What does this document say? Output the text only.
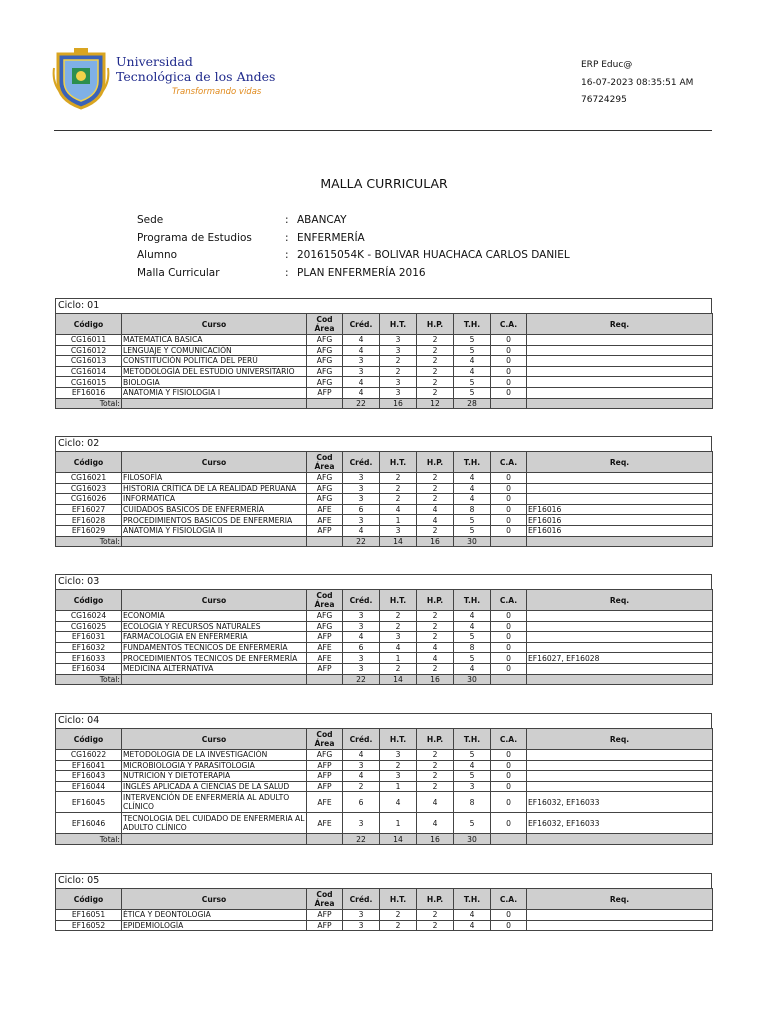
Universidad
Tecnológica de los Andes
Transformando vidas
ERP Educ@
16-07-2023 08:35:51 AM
76724295
MALLA CURRICULAR
Sede	: ABANCAY
Programa de Estudios	: ENFERMERÍA
Alumno	: 201615054K - BOLIVAR HUACHACA CARLOS DANIEL
Malla Curricular	: PLAN ENFERMERÍA 2016
Ciclo: 01
Código	Curso	Cod
Área	Créd.	H.T.	H.P.	T.H.	C.A.	Req.
CG16011	MATEMATICA BASICA	AFG	4	3	2	5	0	
CG16012	LENGUAJE Y COMUNICACIÓN	AFG	4	3	2	5	0	
CG16013	CONSTITUCIÓN POLITICA DEL PERÚ	AFG	3	2	2	4	0	
CG16014	METODOLOGÍA DEL ESTUDIO UNIVERSITARIO	AFG	3	2	2	4	0	
CG16015	BIOLOGIA	AFG	4	3	2	5	0	
EF16016	ANATOMIA Y FISIOLOGIA I	AFP	4	3	2	5	0	
Total:			22	16	12	28		
Ciclo: 02
Código	Curso	Cod
Área	Créd.	H.T.	H.P.	T.H.	C.A.	Req.
CG16021	FILOSOFÍA	AFG	3	2	2	4	0	
CG16023	HISTORIA CRÍTICA DE LA REALIDAD PERUANA	AFG	3	2	2	4	0	
CG16026	INFORMATICA	AFG	3	2	2	4	0	
EF16027	CUIDADOS BASICOS DE ENFERMERÍA	AFE	6	4	4	8	0	EF16016
EF16028	PROCEDIMIENTOS BASICOS DE ENFERMERIA	AFE	3	1	4	5	0	EF16016
EF16029	ANATOMIA Y FISIOLOGIA II	AFP	4	3	2	5	0	EF16016
Total:			22	14	16	30		
Ciclo: 03
Código	Curso	Cod
Área	Créd.	H.T.	H.P.	T.H.	C.A.	Req.
CG16024	ECONOMIA	AFG	3	2	2	4	0	
CG16025	ECOLOGIA Y RECURSOS NATURALES	AFG	3	2	2	4	0	
EF16031	FARMACOLOGIA EN ENFERMERIA	AFP	4	3	2	5	0	
EF16032	FUNDAMENTOS TECNICOS DE ENFERMERÍA	AFE	6	4	4	8	0	
EF16033	PROCEDIMIENTOS TECNICOS DE ENFERMERÍA	AFE	3	1	4	5	0	EF16027, EF16028
EF16034	MEDICINA ALTERNATIVA	AFP	3	2	2	4	0	
Total:			22	14	16	30		
Ciclo: 04
Código	Curso	Cod
Área	Créd.	H.T.	H.P.	T.H.	C.A.	Req.
CG16022	METODOLOGIA DE LA INVESTIGACIÓN	AFG	4	3	2	5	0	
EF16041	MICROBIOLOGIA Y PARASITOLOGIA	AFP	3	2	2	4	0	
EF16043	NUTRICION Y DIETOTERAPIA	AFP	4	3	2	5	0	
EF16044	INGLÉS APLICADA A CIENCIAS DE LA SALUD	AFP	2	1	2	3	0	
EF16045	INTERVENCIÓN DE ENFERMERÍA AL ADULTO CLÍNICO	AFE	6	4	4	8	0	EF16032, EF16033
EF16046	TECNOLOGIA DEL CUIDADO DE ENFERMERIA AL ADULTO CLÍNICO	AFE	3	1	4	5	0	EF16032, EF16033
Total:			22	14	16	30		
Ciclo: 05
Código	Curso	Cod
Área	Créd.	H.T.	H.P.	T.H.	C.A.	Req.
EF16051	ÉTICA Y DEONTOLOGIA	AFP	3	2	2	4	0	
EF16052	EPIDEMIOLOGÍA	AFP	3	2	2	4	0	
